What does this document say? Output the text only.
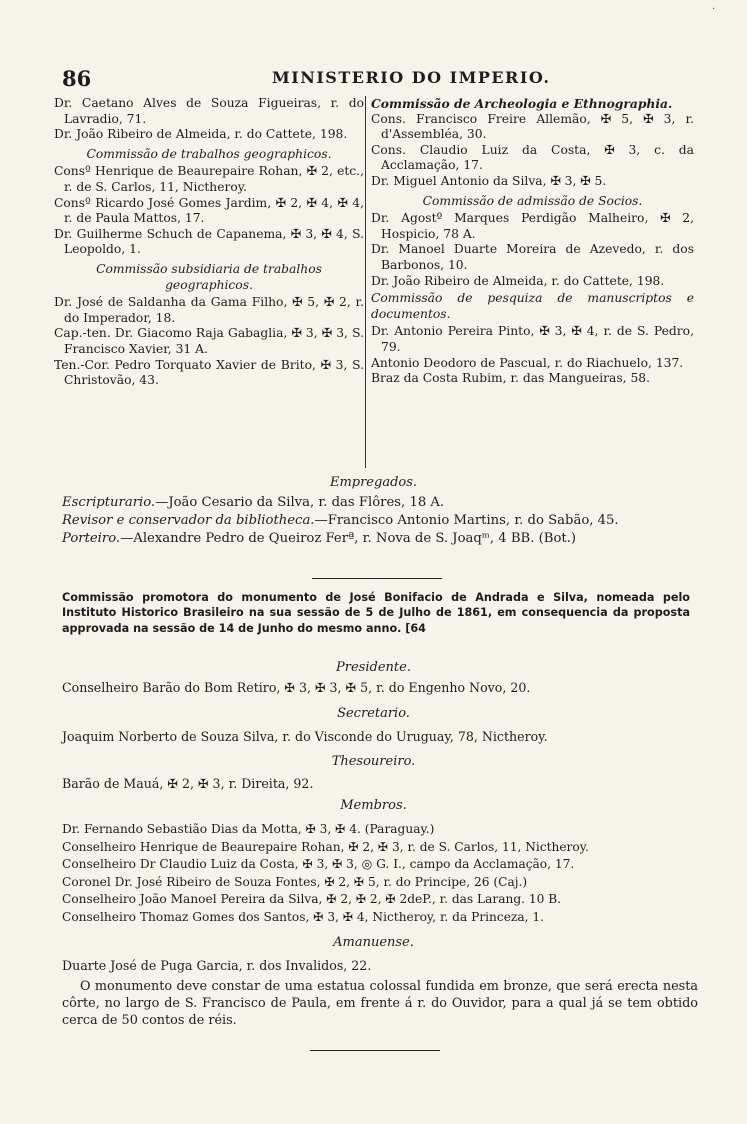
86	MINISTERIO DO IMPERIO.
·

Dr. Caetano Alves de Souza Figueiras, r. do Lavradio, 71.

Dr. João Ribeiro de Almeida, r. do Cattete, 198.

Commissão de trabalhos geographicos.

Consº Henrique de Beaurepaire Rohan, ✠ 2, etc., r. de S. Carlos, 11, Nictheroy.

Consº Ricardo José Gomes Jardim, ✠ 2, ✠ 4, ✠ 4, r. de Paula Mattos, 17.

Dr. Guilherme Schuch de Capanema, ✠ 3, ✠ 4, S. Leopoldo, 1.

Commissão subsidiaria de trabalhos geographicos.

Dr. José de Saldanha da Gama Filho, ✠ 5, ✠ 2, r. do Imperador, 18.

Cap.-ten. Dr. Giacomo Raja Gabaglia, ✠ 3, ✠ 3, S. Francisco Xavier, 31 A.

Ten.-Cor. Pedro Torquato Xavier de Brito, ✠ 3, S. Christovão, 43.

Commissão de Archeologia e Ethnographia.

Cons. Francisco Freire Allemão, ✠ 5, ✠ 3, r. d'Assembléa, 30.

Cons. Claudio Luiz da Costa, ✠ 3, c. da Acclamação, 17.

Dr. Miguel Antonio da Silva, ✠ 3, ✠ 5.

Commissão de admissão de Socios.

Dr. Agostº Marques Perdigão Malheiro, ✠ 2, Hospicio, 78 A.

Dr. Manoel Duarte Moreira de Azevedo, r. dos Barbonos, 10.

Dr. João Ribeiro de Almeida, r. do Cattete, 198.

Commissão de pesquiza de manuscriptos e documentos.

Dr. Antonio Pereira Pinto, ✠ 3, ✠ 4, r. de S. Pedro, 79.

Antonio Deodoro de Pascual, r. do Riachuelo, 137.

Braz da Costa Rubim, r. das Mangueiras, 58.

Empregados.
Escripturario.—João Cesario da Silva, r. das Flôres, 18 A.
Revisor e conservador da bibliotheca.—Francisco Antonio Martins, r. do Sabão, 45.
Porteiro.—Alexandre Pedro de Queiroz Ferª, r. Nova de S. Joaqᵐ, 4 BB. (Bot.)
Commissão promotora do monumento de José Bonifacio de Andrada e Silva, nomeada pelo Instituto Historico Brasileiro na sua sessão de 5 de Julho de 1861, em consequencia da proposta approvada na sessão de 14 de Junho do mesmo anno. [64
Presidente.
Conselheiro Barão do Bom Retiro, ✠ 3, ✠ 3, ✠ 5, r. do Engenho Novo, 20.
Secretario.
Joaquim Norberto de Souza Silva, r. do Visconde do Uruguay, 78, Nictheroy.
Thesoureiro.
Barão de Mauá, ✠ 2, ✠ 3, r. Direita, 92.
Membros.
Dr. Fernando Sebastião Dias da Motta, ✠ 3, ✠ 4. (Paraguay.)
Conselheiro Henrique de Beaurepaire Rohan, ✠ 2, ✠ 3, r. de S. Carlos, 11, Nictheroy.
Conselheiro Dr Claudio Luiz da Costa, ✠ 3, ✠ 3, ◎ G. I., campo da Acclamação, 17.
Coronel Dr. José Ribeiro de Souza Fontes, ✠ 2, ✠ 5, r. do Principe, 26 (Caj.)
Conselheiro João Manoel Pereira da Silva, ✠ 2, ✠ 2, ✠ 2deP., r. das Larang. 10 B.
Conselheiro Thomaz Gomes dos Santos, ✠ 3, ✠ 4, Nictheroy, r. da Princeza, 1.
Amanuense.
Duarte José de Puga Garcia, r. dos Invalidos, 22.
O monumento deve constar de uma estatua colossal fundida em bronze, que será erecta nesta côrte, no largo de S. Francisco de Paula, em frente á r. do Ouvidor, para a qual já se tem obtido cerca de 50 contos de réis.
